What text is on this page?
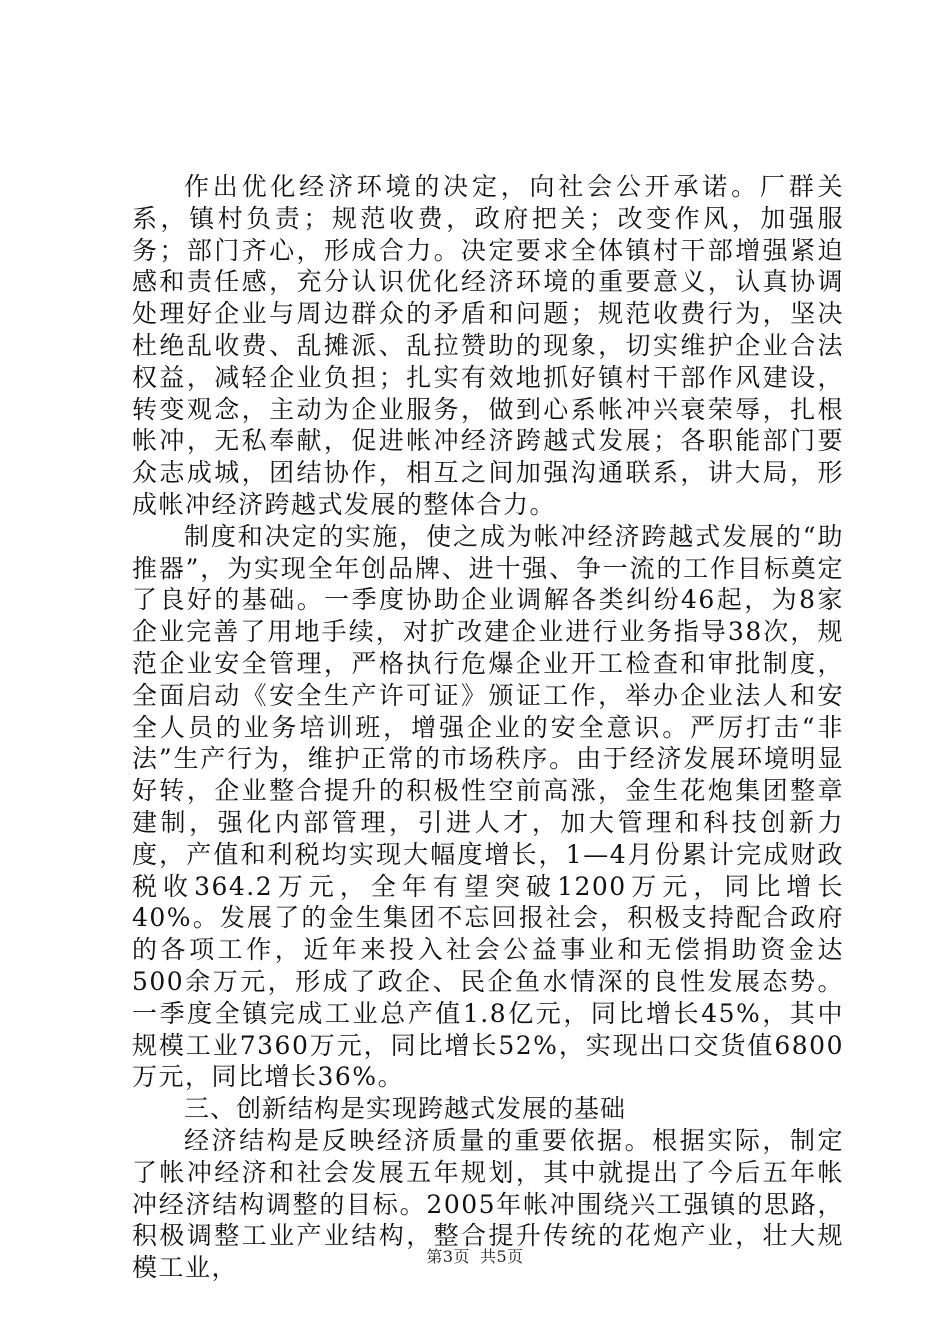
作出优化经济环境的决定，向社会公开承诺。厂群关系，镇村负责；规范收费，政府把关；改变作风，加强服务；部门齐心，形成合力。决定要求全体镇村干部增强紧迫感和责任感，充分认识优化经济环境的重要意义，认真协调处理好企业与周边群众的矛盾和问题；规范收费行为，坚决杜绝乱收费、乱摊派、乱拉赞助的现象，切实维护企业合法权益，减轻企业负担；扎实有效地抓好镇村干部作风建设，转变观念，主动为企业服务，做到心系帐冲兴衰荣辱，扎根帐冲，无私奉献，促进帐冲经济跨越式发展；各职能部门要众志成城，团结协作，相互之间加强沟通联系，讲大局，形成帐冲经济跨越式发展的整体合力。

制度和决定的实施，使之成为帐冲经济跨越式发展的“助推器”，为实现全年创品牌、进十强、争一流的工作目标奠定了良好的基础。一季度协助企业调解各类纠纷46起，为8家企业完善了用地手续，对扩改建企业进行业务指导38次，规范企业安全管理，严格执行危爆企业开工检查和审批制度，全面启动《安全生产许可证》颁证工作，举办企业法人和安全人员的业务培训班，增强企业的安全意识。严厉打击“非法”生产行为，维护正常的市场秩序。由于经济发展环境明显好转，企业整合提升的积极性空前高涨，金生花炮集团整章建制，强化内部管理，引进人才，加大管理和科技创新力度，产值和利税均实现大幅度增长，1—4月份累计完成财政税收364.2万元，全年有望突破1200万元，同比增长40%。发展了的金生集团不忘回报社会，积极支持配合政府的各项工作，近年来投入社会公益事业和无偿捐助资金达500余万元，形成了政企、民企鱼水情深的良性发展态势。一季度全镇完成工业总产值1.8亿元，同比增长45%，其中规模工业7360万元，同比增长52%，实现出口交货值6800万元，同比增长36%。

三、创新结构是实现跨越式发展的基础

经济结构是反映经济质量的重要依据。根据实际，制定了帐冲经济和社会发展五年规划，其中就提出了今后五年帐冲经济结构调整的目标。2005年帐冲围绕兴工强镇的思路，积极调整工业产业结构，整合提升传统的花炮产业，壮大规模工业，	第3页 共5页
